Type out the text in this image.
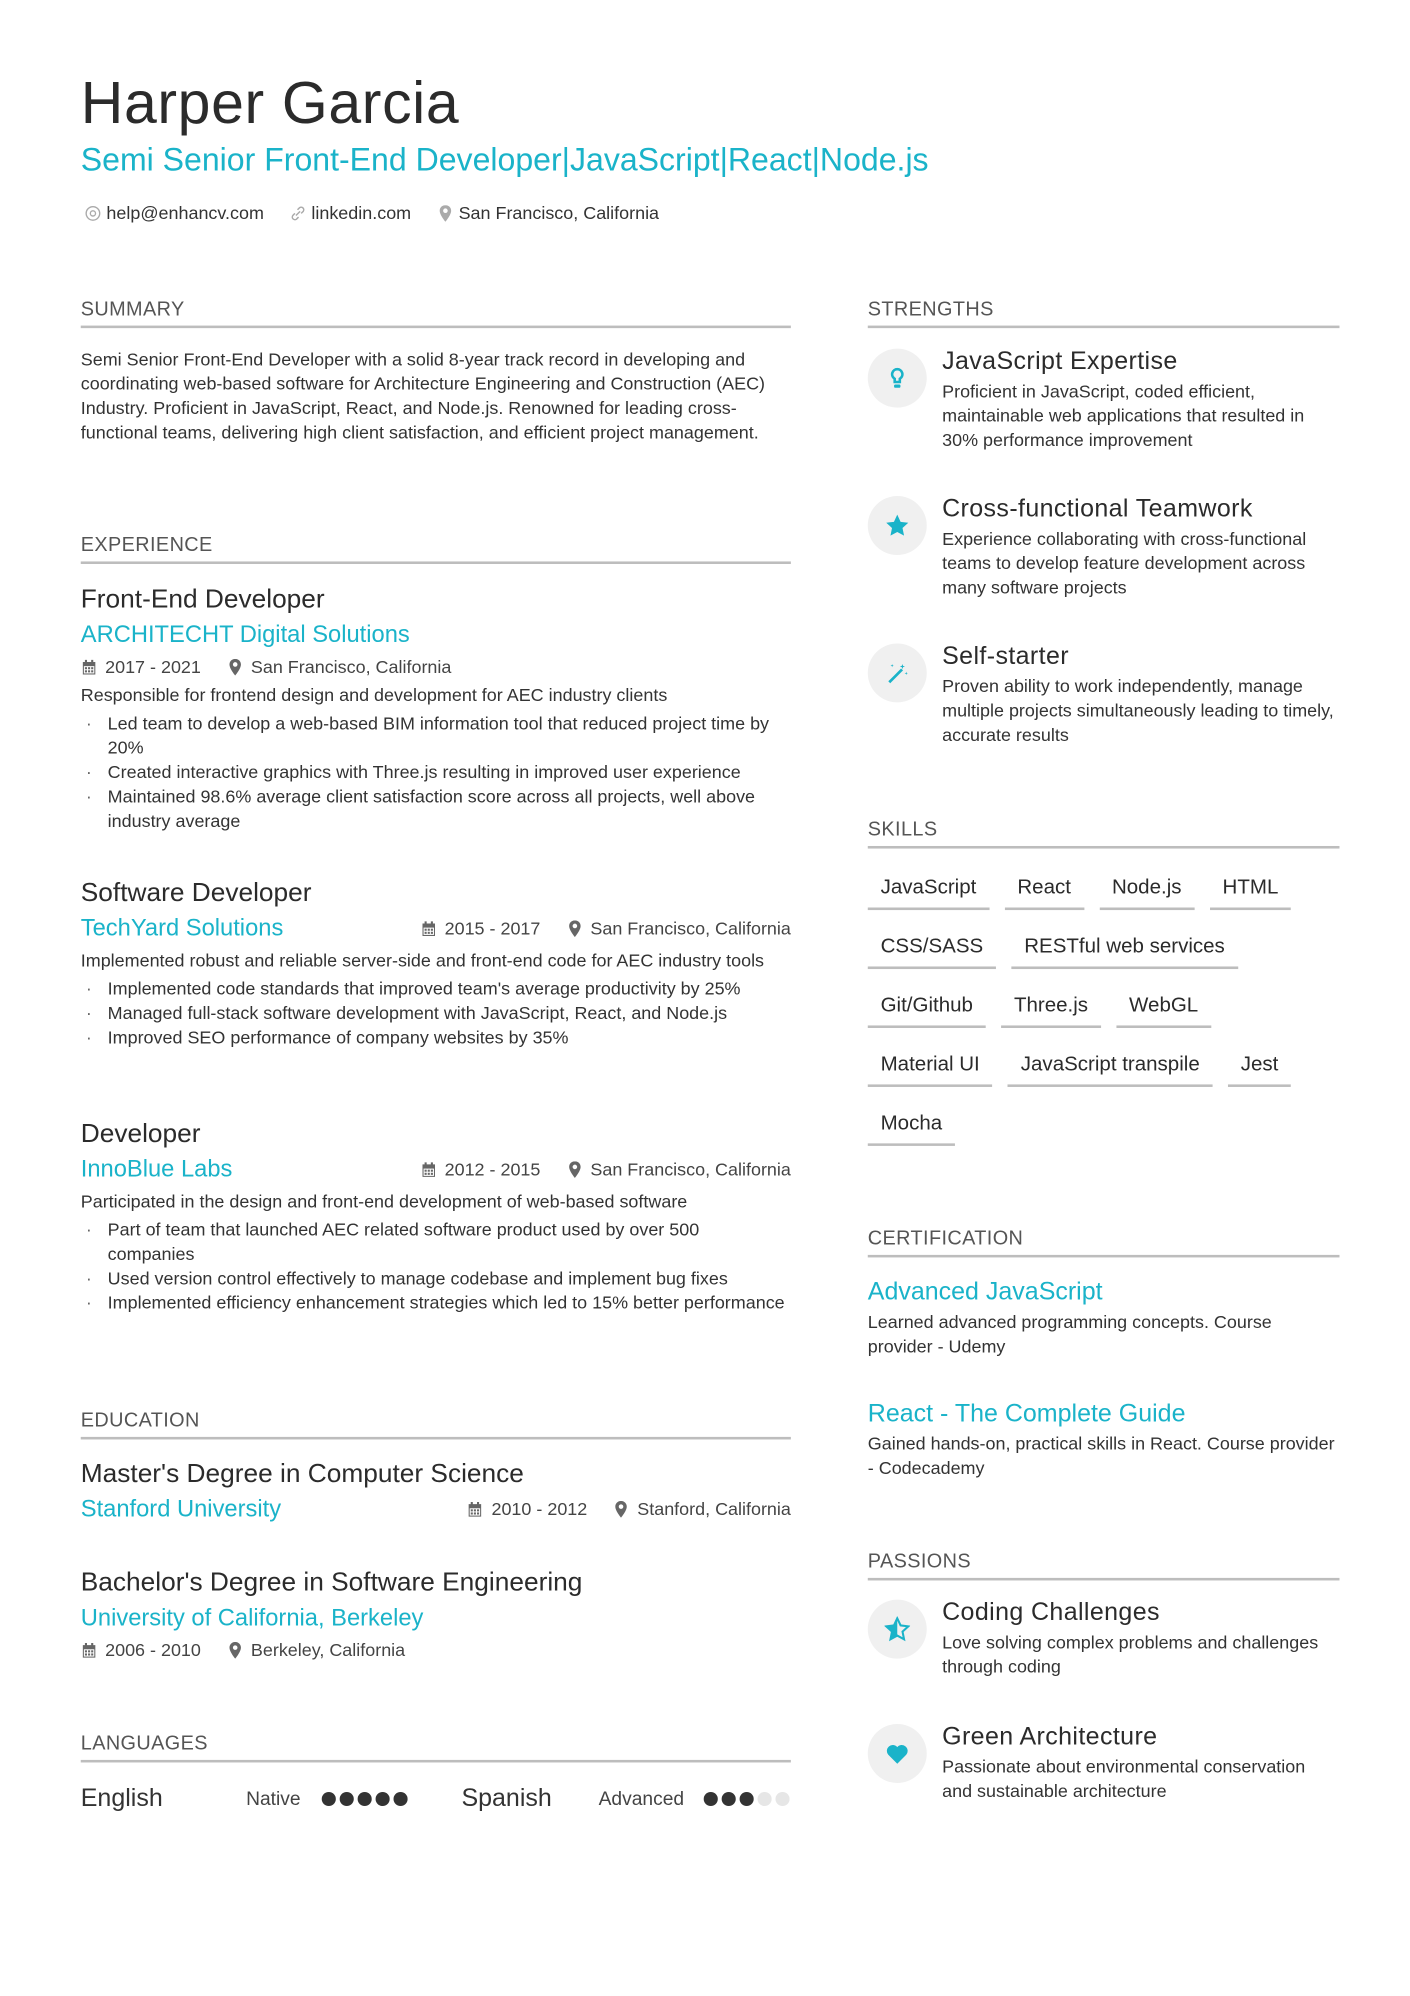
Harper Garcia
Semi Senior Front-End Developer|JavaScript|React|Node.js
help@enhancv.com	linkedin.com	San Francisco, California
SUMMARY
Semi Senior Front-End Developer with a solid 8-year track record in developing and coordinating web-based software for Architecture Engineering and Construction (AEC) Industry. Proficient in JavaScript, React, and Node.js. Renowned for leading cross-functional teams, delivering high client satisfaction, and efficient project management.
EXPERIENCE
Front-End Developer
ARCHITECHT Digital Solutions
2017 - 2021	San Francisco, California
Responsible for frontend design and development for AEC industry clients
· Led team to develop a web-based BIM information tool that reduced project time by 20%
· Created interactive graphics with Three.js resulting in improved user experience
· Maintained 98.6% average client satisfaction score across all projects, well above industry average
Software Developer
TechYard Solutions	2015 - 2017	San Francisco, California
Implemented robust and reliable server-side and front-end code for AEC industry tools
· Implemented code standards that improved team's average productivity by 25%
· Managed full-stack software development with JavaScript, React, and Node.js
· Improved SEO performance of company websites by 35%
Developer
InnoBlue Labs	2012 - 2015	San Francisco, California
Participated in the design and front-end development of web-based software
· Part of team that launched AEC related software product used by over 500 companies
· Used version control effectively to manage codebase and implement bug fixes
· Implemented efficiency enhancement strategies which led to 15% better performance
EDUCATION
Master's Degree in Computer Science
Stanford University	2010 - 2012	Stanford, California
Bachelor's Degree in Software Engineering
University of California, Berkeley
2006 - 2010	Berkeley, California
LANGUAGES
English	Native	Spanish	Advanced
STRENGTHS
JavaScript Expertise
Proficient in JavaScript, coded efficient, maintainable web applications that resulted in 30% performance improvement
Cross-functional Teamwork
Experience collaborating with cross-functional teams to develop feature development across many software projects
Self-starter
Proven ability to work independently, manage multiple projects simultaneously leading to timely, accurate results
SKILLS
JavaScript	React	Node.js	HTML
CSS/SASS	RESTful web services
Git/Github	Three.js	WebGL
Material UI	JavaScript transpile	Jest
Mocha
CERTIFICATION
Advanced JavaScript
Learned advanced programming concepts. Course provider - Udemy
React - The Complete Guide
Gained hands-on, practical skills in React. Course provider - Codecademy
PASSIONS
Coding Challenges
Love solving complex problems and challenges through coding
Green Architecture
Passionate about environmental conservation and sustainable architecture
